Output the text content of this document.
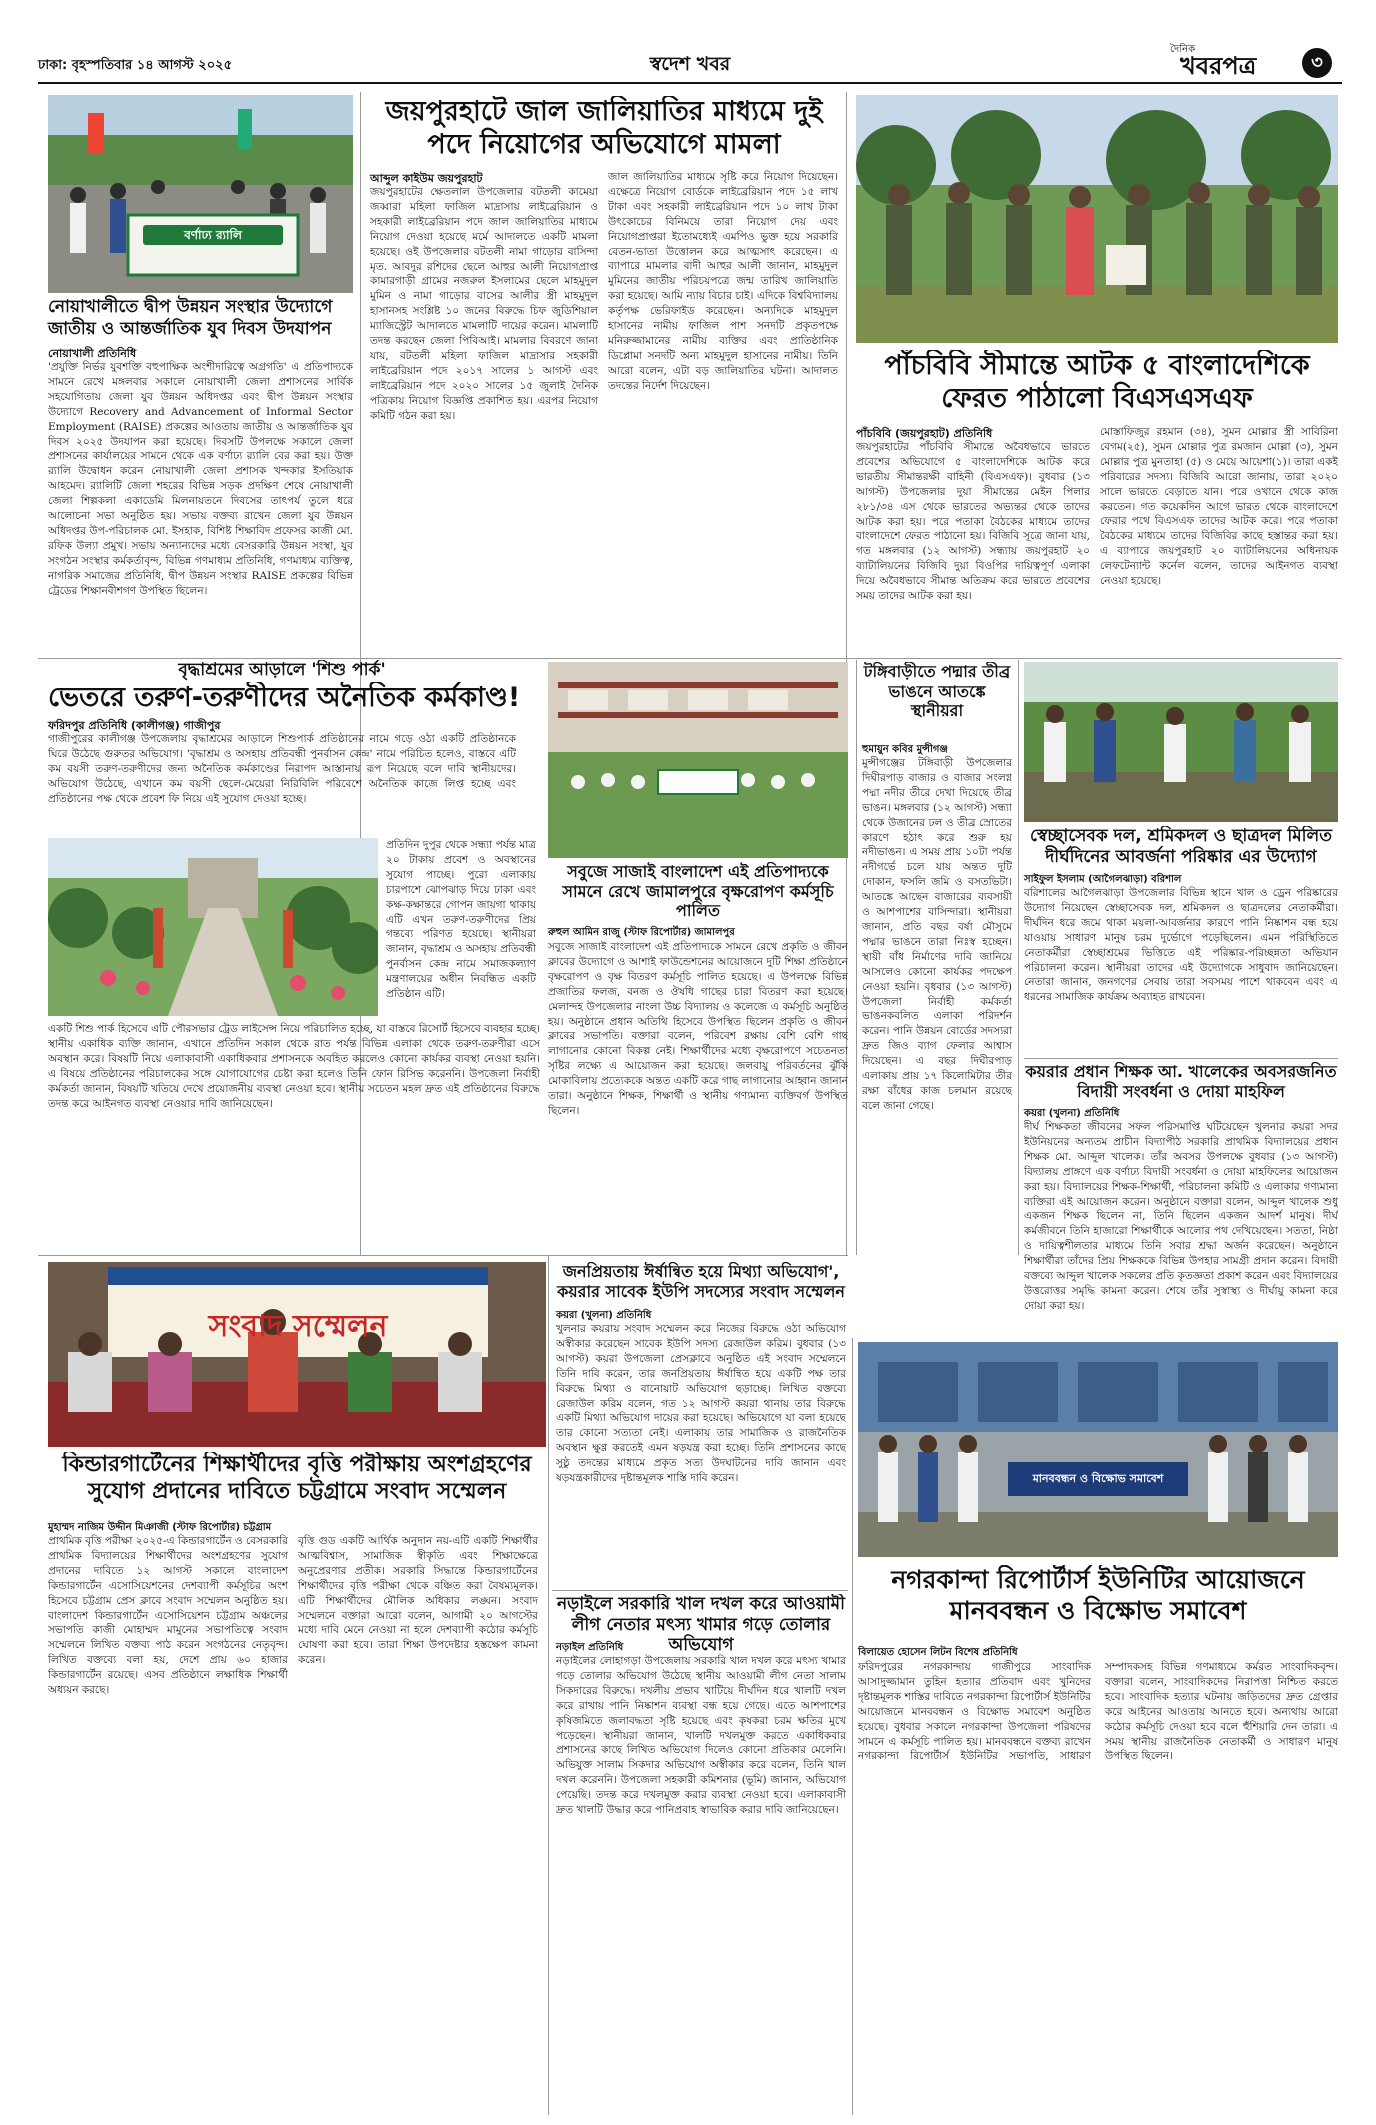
ঢাকা: বৃহস্পতিবার ১৪ আগস্ট ২০২৫	স্বদেশ খবর
দৈনিক
খবরপত্র	৩
বর্ণাঢ্য র‍্যালি
নোয়াখালীতে দ্বীপ উন্নয়ন সংস্থার উদ্যোগে জাতীয় ও আন্তর্জাতিক যুব দিবস উদযাপন
নোয়াখালী প্রতিনিধি
'প্রযুক্তি নির্ভর যুবশক্তি বহুপাক্ষিক অংশীদারিত্বে অগ্রগতি' এ প্রতিপাদ্যকে সামনে রেখে মঙ্গলবার সকালে নোয়াখালী জেলা প্রশাসনের সার্বিক সহযোগিতায় জেলা যুব উন্নয়ন অধিদপ্তর এবং দ্বীপ উন্নয়ন সংস্থার উদ্যোগে Recovery and Advancement of Informal Sector Employment (RAISE) প্রকল্পের আওতায় জাতীয় ও আন্তর্জাতিক যুব দিবস ২০২৫ উদযাপন করা হয়েছে। দিবসটি উপলক্ষে সকালে জেলা প্রশাসনের কার্যালয়ের সামনে থেকে এক বর্ণাঢ্য র‍্যালি বের করা হয়। উক্ত র‍্যালি উদ্বোধন করেন নোয়াখালী জেলা প্রশাসক খন্দকার ইসতিয়াক আহমেদ। র‍্যালিটি জেলা শহরের বিভিন্ন সড়ক প্রদক্ষিণ শেষে নোয়াখালী জেলা শিল্পকলা একাডেমি মিলনায়তনে দিবসের তাৎপর্য তুলে ধরে আলোচনা সভা অনুষ্ঠিত হয়। সভায় বক্তব্য রাখেন জেলা যুব উন্নয়ন অধিদপ্তর উপ-পরিচালক মো. ইসহাক, বিশিষ্ট শিক্ষাবিদ প্রফেসর কাজী মো. রফিক উল্যা প্রমুখ। সভায় অন্যান্যদের মধ্যে বেসরকারি উন্নয়ন সংস্থা, যুব সংগঠন সংস্থার কর্মকর্তাবৃন্দ, বিভিন্ন গণমাধ্যম প্রতিনিধি, গণমাধ্যম ব্যক্তিত্ব, নাগরিক সমাজের প্রতিনিধি, দ্বীপ উন্নয়ন সংস্থার RAISE প্রকল্পের বিভিন্ন ট্রেডের শিক্ষানবীশগণ উপস্থিত ছিলেন।
জয়পুরহাটে জাল জালিয়াতির মাধ্যমে দুই পদে নিয়োগের অভিযোগে মামলা
আব্দুল কাইউম জয়পুরহাট
জয়পুরহাটের ক্ষেতলাল উপজেলার বটতলী কামেয়া জব্বারা মহিলা ফাজিল মাদ্রাসায় লাইব্রেরিয়ান ও সহকারী লাইব্রেরিয়ান পদে জাল জালিয়াতির মাধ্যমে নিয়োগ দেওয়া হয়েছে মর্মে আদালতে একটি মামলা হয়েছে। ওই উপজেলার বটতলী নামা গাড়োর বাসিন্দা মৃত. আবদুর রশিদের ছেলে আহুর আলী নিয়োগপ্রাপ্ত কামারগাড়ী গ্রামের নজরুল ইসলামের ছেলে মাহমুদুল মুমিন ও নামা গাড়োর বাসের আলীর স্ত্রী মাহমুদুল হাসানসহ সংশ্লিষ্ট ১০ জনের বিরুদ্ধে চিফ জুডিশিয়াল ম্যাজিস্ট্রেট আদালতে মামলাটি দায়ের করেন। মামলাটি তদন্ত করছেন জেলা পিবিআই। মামলার বিবরণে জানা যায়, বটতলী মহিলা ফাজিল মাদ্রাসার সহকারী লাইব্রেরিয়ান পদে ২০১৭ সালের ১ আগস্ট এবং লাইব্রেরিয়ান পদে ২০২০ সালের ১৫ জুলাই দৈনিক পত্রিকায় নিয়োগ বিজ্ঞপ্তি প্রকাশিত হয়। এরপর নিয়োগ কমিটি গঠন করা হয়।
জাল জালিয়াতির মাধ্যমে সৃষ্টি করে নিয়োগ দিয়েছেন। এক্ষেত্রে নিয়োগ বোর্ডকে লাইব্রেরিয়ান পদে ১৫ লাখ টাকা এবং সহকারী লাইব্রেরিয়ান পদে ১০ লাখ টাকা উৎকোচের বিনিময়ে তারা নিয়োগ দেয় এবং নিয়োগপ্রাপ্তরা ইতোমধ্যেই এমপিও ভুক্ত হয়ে সরকারি বেতন-ভাতা উত্তোলন করে আত্মসাৎ করেছেন। এ ব্যাপারে মামলার বাদী আহুর আলী জানান, মাহমুদুল মুমিনের জাতীয় পরিচয়পত্রে জন্ম তারিখ জালিয়াতি করা হয়েছে। আমি ন্যায় বিচার চাই। এদিকে বিশ্ববিদ্যালয় কর্তৃপক্ষ ভেরিফাইড করেছেন। অন্যদিকে মাহমুদুল হাসানের নামীয় ফাজিল পাশ সনদটি প্রকৃতপক্ষে মনিরুজ্জামানের নামীয় ব্যক্তির এবং প্রাতিষ্ঠানিক ডিপ্লোমা সনদটি অন্য মাহমুদুল হাসানের নামীয়। তিনি আরো বলেন, এটা বড় জালিয়াতির ঘটনা। আদালত তদন্তের নির্দেশ দিয়েছেন।
পাঁচবিবি সীমান্তে আটক ৫ বাংলাদেশিকে ফেরত পাঠালো বিএসএসএফ
পাঁচবিবি (জয়পুরহাট) প্রতিনিধি
জয়পুরহাটের পাঁচবিবি সীমান্তে অবৈধভাবে ভারতে প্রবেশের অভিযোগে ৫ বাংলাদেশিকে আটক করে ভারতীয় সীমান্তরক্ষী বাহিনী (বিএসএফ)। বুধবার (১৩ আগস্ট) উপজেলার দুয়া সীমান্তের মেইন পিলার ২৮১/৩৪ এস থেকে ভারতের অভ্যন্তর থেকে তাদের আটক করা হয়। পরে পতাকা বৈঠকের মাধ্যমে তাদের বাংলাদেশে ফেরত পাঠানো হয়। বিজিবি সূত্রে জানা যায়, গত মঙ্গলবার (১২ আগস্ট) সন্ধ্যায় জয়পুরহাট ২০ ব্যাটালিয়নের বিজিবি দুয়া বিওপির দায়িত্বপূর্ণ এলাকা দিয়ে অবৈধভাবে সীমান্ত অতিক্রম করে ভারতে প্রবেশের সময় তাদের আটক করা হয়।
মোস্তাফিজুর রহমান (৩৪), সুমন মোল্লার স্ত্রী সাবিরিনা বেগম(২৫), সুমন মোল্লার পুত্র রমজান মোল্লা (৩), সুমন মোল্লার পুত্র মুনতাহা (৫) ও মেয়ে আয়েশা(১)। তারা একই পরিবারের সদস্য। বিজিবি আরো জানায়, তারা ২০২০ সালে ভারতে বেড়াতে যান। পরে ওখানে থেকে কাজ করতেন। গত কয়েকদিন আগে ভারত থেকে বাংলাদেশে ফেরার পথে বিএসএফ তাদের আটক করে। পরে পতাকা বৈঠকের মাধ্যমে তাদের বিজিবির কাছে হস্তান্তর করা হয়। এ ব্যাপারে জয়পুরহাট ২০ ব্যাটালিয়নের অধিনায়ক লেফটেন্যান্ট কর্নেল বলেন, তাদের আইনগত ব্যবস্থা নেওয়া হয়েছে।
বৃদ্ধাশ্রমের আড়ালে 'শিশু পার্ক'
ভেতরে তরুণ-তরুণীদের অনৈতিক কর্মকাণ্ড!
ফরিদপুর প্রতিনিধি (কালীগঞ্জ) গাজীপুর
গাজীপুরের কালীগঞ্জ উপজেলায় বৃদ্ধাশ্রমের আড়ালে শিশুপার্ক প্রতিষ্ঠানের নামে গড়ে ওঠা একটি প্রতিষ্ঠানকে ঘিরে উঠেছে গুরুতর অভিযোগ। 'বৃদ্ধাশ্রম ও অসহায় প্রতিবন্ধী পুনর্বাসন কেন্দ্র' নামে পরিচিত হলেও, বাস্তবে এটি কম বয়সী তরুণ-তরুণীদের জন্য অনৈতিক কর্মকাণ্ডের নিরাপদ আস্তানায় রূপ নিয়েছে বলে দাবি স্থানীয়দের। অভিযোগ উঠেছে, এখানে কম বয়সী ছেলে-মেয়েরা নিরিবিলি পরিবেশে অনৈতিক কাজে লিপ্ত হচ্ছে এবং প্রতিষ্ঠানের পক্ষ থেকে প্রবেশ ফি নিয়ে এই সুযোগ দেওয়া হচ্ছে।
প্রতিদিন দুপুর থেকে সন্ধ্যা পর্যন্ত মাত্র ২০ টাকায় প্রবেশ ও অবস্থানের সুযোগ পাচ্ছে। পুরো এলাকায় চারপাশে ঝোপঝাড় দিয়ে ঢাকা এবং কক্ষ-কক্ষান্তরে গোপন জায়গা থাকায় এটি এখন তরুণ-তরুণীদের প্রিয় গন্তব্যে পরিণত হয়েছে। স্থানীয়রা জানান, বৃদ্ধাশ্রম ও অসহায় প্রতিবন্ধী পুনর্বাসন কেন্দ্র নামে সমাজকল্যাণ মন্ত্রণালয়ের অধীন নিবন্ধিত একটি প্রতিষ্ঠান এটি।
একটি শিশু পার্ক হিসেবে এটি পৌরসভার ট্রেড লাইসেন্স নিয়ে পরিচালিত হচ্ছে, যা বাস্তবে রিসোর্ট হিসেবে ব্যবহার হচ্ছে। স্থানীয় একাধিক ব্যক্তি জানান, এখানে প্রতিদিন সকাল থেকে রাত পর্যন্ত বিভিন্ন এলাকা থেকে তরুণ-তরুণীরা এসে অবস্থান করে। বিষয়টি নিয়ে এলাকাবাসী একাধিকবার প্রশাসনকে অবহিত করলেও কোনো কার্যকর ব্যবস্থা নেওয়া হয়নি। এ বিষয়ে প্রতিষ্ঠানের পরিচালকের সঙ্গে যোগাযোগের চেষ্টা করা হলেও তিনি ফোন রিসিভ করেননি। উপজেলা নির্বাহী কর্মকর্তা জানান, বিষয়টি খতিয়ে দেখে প্রয়োজনীয় ব্যবস্থা নেওয়া হবে। স্থানীয় সচেতন মহল দ্রুত এই প্রতিষ্ঠানের বিরুদ্ধে তদন্ত করে আইনগত ব্যবস্থা নেওয়ার দাবি জানিয়েছেন।
সবুজে সাজাই বাংলাদেশ এই প্রতিপাদ্যকে সামনে রেখে জামালপুরে বৃক্ষরোপণ কর্মসূচি পালিত
রুহুল আমিন রাজু (স্টাফ রিপোর্টার) জামালপুর
সবুজে সাজাই বাংলাদেশ এই প্রতিপাদ্যকে সামনে রেখে প্রকৃতি ও জীবন ক্লাবের উদ্যোগে ও আশাই ফাউন্ডেশনের আয়োজনে দুটি শিক্ষা প্রতিষ্ঠানে বৃক্ষরোপণ ও বৃক্ষ বিতরণ কর্মসূচি পালিত হয়েছে। এ উপলক্ষে বিভিন্ন প্রজাতির ফলজ, বনজ ও ঔষধি গাছের চারা বিতরণ করা হয়েছে। মেলান্দহ উপজেলার নাংলা উচ্চ বিদ্যালয় ও কলেজে এ কর্মসূচি অনুষ্ঠিত হয়। অনুষ্ঠানে প্রধান অতিথি হিসেবে উপস্থিত ছিলেন প্রকৃতি ও জীবন ক্লাবের সভাপতি। বক্তারা বলেন, পরিবেশ রক্ষায় বেশি বেশি গাছ লাগানোর কোনো বিকল্প নেই। শিক্ষার্থীদের মধ্যে বৃক্ষরোপণে সচেতনতা সৃষ্টির লক্ষ্যে এ আয়োজন করা হয়েছে। জলবায়ু পরিবর্তনের ঝুঁকি মোকাবিলায় প্রত্যেককে অন্তত একটি করে গাছ লাগানোর আহ্বান জানান তারা। অনুষ্ঠানে শিক্ষক, শিক্ষার্থী ও স্থানীয় গণ্যমান্য ব্যক্তিবর্গ উপস্থিত ছিলেন।
টঙ্গিবাড়ীতে পদ্মার তীব্র ভাঙনে আতঙ্কে স্থানীয়রা
হুমায়ুন কবির মুন্সীগঞ্জ
মুন্সীগঞ্জের টঙ্গিবাড়ী উপজেলার দিঘীরপাড় বাজার ও বাজার সংলগ্ন পদ্মা নদীর তীরে দেখা দিয়েছে তীব্র ভাঙন। মঙ্গলবার (১২ আগস্ট) সন্ধ্যা থেকে উজানের ঢল ও তীব্র স্রোতের কারণে হঠাৎ করে শুরু হয় নদীভাঙন। এ সময় প্রায় ১০টা পর্যন্ত নদীগর্ভে চলে যায় অন্তত দুটি দোকান, ফসলি জমি ও বসতভিটা। আতঙ্কে আছেন বাজারের ব্যবসায়ী ও আশপাশের বাসিন্দারা। স্থানীয়রা জানান, প্রতি বছর বর্ষা মৌসুমে পদ্মার ভাঙনে তারা নিঃস্ব হচ্ছেন। স্থায়ী বাঁধ নির্মাণের দাবি জানিয়ে আসলেও কোনো কার্যকর পদক্ষেপ নেওয়া হয়নি। বৃধবার (১৩ আগস্ট) উপজেলা নির্বাহী কর্মকর্তা ভাঙনকবলিত এলাকা পরিদর্শন করেন। পানি উন্নয়ন বোর্ডের সদস্যরা দ্রুত জিও ব্যাগ ফেলার আশ্বাস দিয়েছেন। এ বছর দিঘীরপাড় এলাকায় প্রায় ১৭ কিলোমিটার তীর রক্ষা বাঁধের কাজ চলমান রয়েছে বলে জানা গেছে।
স্বেচ্ছাসেবক দল, শ্রমিকদল ও ছাত্রদল মিলিত দীর্ঘদিনের আবর্জনা পরিষ্কার এর উদ্যোগ
সাইফুল ইসলাম (আগৈলঝাড়া) বরিশাল
বরিশালের আগৈলঝাড়া উপজেলার বিভিন্ন স্থানে খাল ও ড্রেন পরিষ্কারের উদ্যোগ নিয়েছেন স্বেচ্ছাসেবক দল, শ্রমিকদল ও ছাত্রদলের নেতাকর্মীরা। দীর্ঘদিন ধরে জমে থাকা ময়লা-আবর্জনার কারণে পানি নিষ্কাশন বন্ধ হয়ে যাওয়ায় সাধারণ মানুষ চরম দুর্ভোগে পড়েছিলেন। এমন পরিস্থিতিতে নেতাকর্মীরা স্বেচ্ছাশ্রমের ভিত্তিতে এই পরিষ্কার-পরিচ্ছন্নতা অভিযান পরিচালনা করেন। স্থানীয়রা তাদের এই উদ্যোগকে সাধুবাদ জানিয়েছেন। নেতারা জানান, জনগণের সেবায় তারা সবসময় পাশে থাকবেন এবং এ ধরনের সামাজিক কার্যক্রম অব্যাহত রাখবেন।
কয়রার প্রধান শিক্ষক আ. খালেকের অবসরজনিত বিদায়ী সংবর্ধনা ও দোয়া মাহফিল
কয়রা (খুলনা) প্রতিনিধি
দীর্ঘ শিক্ষকতা জীবনের সফল পরিসমাপ্তি ঘটিয়েছেন খুলনার কয়রা সদর ইউনিয়নের অন্যতম প্রাচীন বিদ্যাপীঠ সরকারি প্রাথমিক বিদ্যালয়ের প্রধান শিক্ষক মো. আব্দুল খালেক। তাঁর অবসর উপলক্ষে বুধবার (১৩ আগস্ট) বিদ্যালয় প্রাঙ্গণে এক বর্ণাঢ্য বিদায়ী সংবর্ধনা ও দোয়া মাহফিলের আয়োজন করা হয়। বিদ্যালয়ের শিক্ষক-শিক্ষার্থী, পরিচালনা কমিটি ও এলাকার গণ্যমান্য ব্যক্তিরা এই আয়োজন করেন। অনুষ্ঠানে বক্তারা বলেন, আব্দুল খালেক শুধু একজন শিক্ষক ছিলেন না, তিনি ছিলেন একজন আদর্শ মানুষ। দীর্ঘ কর্মজীবনে তিনি হাজারো শিক্ষার্থীকে আলোর পথ দেখিয়েছেন। সততা, নিষ্ঠা ও দায়িত্বশীলতার মাধ্যমে তিনি সবার শ্রদ্ধা অর্জন করেছেন। অনুষ্ঠানে শিক্ষার্থীরা তাঁদের প্রিয় শিক্ষককে বিভিন্ন উপহার সামগ্রী প্রদান করেন। বিদায়ী বক্তব্যে আব্দুল খালেক সকলের প্রতি কৃতজ্ঞতা প্রকাশ করেন এবং বিদ্যালয়ের উত্তরোত্তর সমৃদ্ধি কামনা করেন। শেষে তাঁর সুস্বাস্থ্য ও দীর্ঘায়ু কামনা করে দোয়া করা হয়।
সংবাদ সম্মেলন
কিন্ডারগার্টেনের শিক্ষার্থীদের বৃত্তি পরীক্ষায় অংশগ্রহণের সুযোগ প্রদানের দাবিতে চট্টগ্রামে সংবাদ সম্মেলন
মুহাম্মদ নাজিম উদ্দীন মিঞাজী (স্টাফ রিপোর্টার) চট্টগ্রাম
প্রাথমিক বৃত্তি পরীক্ষা ২০২৫-এ কিন্ডারগার্টেন ও বেসরকারি প্রাথমিক বিদ্যালয়ের শিক্ষার্থীদের অংশগ্রহণের সুযোগ প্রদানের দাবিতে ১২ আগস্ট সকালে বাংলাদেশ কিন্ডারগার্টেন এসোসিয়েশনের দেশব্যাপী কর্মসূচির অংশ হিসেবে চট্টগ্রাম প্রেস ক্লাবে সংবাদ সম্মেলন অনুষ্ঠিত হয়। বাংলাদেশ কিন্ডারগার্টেন এসোসিয়েশন চট্টগ্রাম অঞ্চলের সভাপতি কাজী মোহাম্মদ মামুনের সভাপতিত্বে সংবাদ সম্মেলনে লিখিত বক্তব্য পাঠ করেন সংগঠনের নেতৃবৃন্দ। লিখিত বক্তব্যে বলা হয়, দেশে প্রায় ৬০ হাজার কিন্ডারগার্টেন রয়েছে। এসব প্রতিষ্ঠানে লক্ষাধিক শিক্ষার্থী অধ্যয়ন করছে।
বৃত্তি গুড একটি আর্থিক অনুদান নয়-এটি একটি শিক্ষার্থীর আত্মবিশ্বাস, সামাজিক স্বীকৃতি এবং শিক্ষাক্ষেত্রে অনুপ্রেরণার প্রতীক। সরকারি সিদ্ধান্তে কিন্ডারগার্টেনের শিক্ষার্থীদের বৃত্তি পরীক্ষা থেকে বঞ্চিত করা বৈষম্যমূলক। এটি শিক্ষার্থীদের মৌলিক অধিকার লঙ্ঘন। সংবাদ সম্মেলনে বক্তারা আরো বলেন, আগামী ২০ আগস্টের মধ্যে দাবি মেনে নেওয়া না হলে দেশব্যাপী কঠোর কর্মসূচি ঘোষণা করা হবে। তারা শিক্ষা উপদেষ্টার হস্তক্ষেপ কামনা করেন।
জনপ্রিয়তায় ঈর্ষান্বিত হয়ে মিথ্যা অভিযোগ', কয়রার সাবেক ইউপি সদস্যের সংবাদ সম্মেলন
কয়রা (খুলনা) প্রতিনিধি
খুলনার কয়রায় সংবাদ সম্মেলন করে নিজের বিরুদ্ধে ওঠা অভিযোগ অস্বীকার করেছেন সাবেক ইউপি সদস্য রেজাউল করিম। বুধবার (১৩ আগস্ট) কয়রা উপজেলা প্রেসক্লাবে অনুষ্ঠিত এই সংবাদ সম্মেলনে তিনি দাবি করেন, তার জনপ্রিয়তায় ঈর্ষান্বিত হয়ে একটি পক্ষ তার বিরুদ্ধে মিথ্যা ও বানোয়াট অভিযোগ ছড়াচ্ছে। লিখিত বক্তব্যে রেজাউল করিম বলেন, গত ১২ আগস্ট কয়রা থানায় তার বিরুদ্ধে একটি মিথ্যা অভিযোগ দায়ের করা হয়েছে। অভিযোগে যা বলা হয়েছে তার কোনো সত্যতা নেই। এলাকায় তার সামাজিক ও রাজনৈতিক অবস্থান ক্ষুণ্ণ করতেই এমন ষড়যন্ত্র করা হচ্ছে। তিনি প্রশাসনের কাছে সুষ্ঠু তদন্তের মাধ্যমে প্রকৃত সত্য উদঘাটনের দাবি জানান এবং ষড়যন্ত্রকারীদের দৃষ্টান্তমূলক শাস্তি দাবি করেন।
নড়াইলে সরকারি খাল দখল করে আওয়ামী লীগ নেতার মৎস্য খামার গড়ে তোলার অভিযোগ
নড়াইল প্রতিনিধি
নড়াইলের লোহাগড়া উপজেলায় সরকারি খাল দখল করে মৎস্য খামার গড়ে তোলার অভিযোগ উঠেছে স্থানীয় আওয়ামী লীগ নেতা সালাম সিকদারের বিরুদ্ধে। দখলীয় প্রভাব খাটিয়ে দীর্ঘদিন ধরে খালটি দখল করে রাখায় পানি নিষ্কাশন ব্যবস্থা বন্ধ হয়ে গেছে। এতে আশপাশের কৃষিজমিতে জলাবদ্ধতা সৃষ্টি হয়েছে এবং কৃষকরা চরম ক্ষতির মুখে পড়েছেন। স্থানীয়রা জানান, খালটি দখলমুক্ত করতে একাধিকবার প্রশাসনের কাছে লিখিত অভিযোগ দিলেও কোনো প্রতিকার মেলেনি। অভিযুক্ত সালাম সিকদার অভিযোগ অস্বীকার করে বলেন, তিনি খাল দখল করেননি। উপজেলা সহকারী কমিশনার (ভূমি) জানান, অভিযোগ পেয়েছি। তদন্ত করে দখলমুক্ত করার ব্যবস্থা নেওয়া হবে। এলাকাবাসী দ্রুত খালটি উদ্ধার করে পানিপ্রবাহ স্বাভাবিক করার দাবি জানিয়েছেন।
মানববন্ধন ও বিক্ষোভ সমাবেশ
নগরকান্দা রিপোর্টার্স ইউনিটির আয়োজনে মানববন্ধন ও বিক্ষোভ সমাবেশ
বিলায়েত হোসেন লিটন বিশেষ প্রতিনিধি
ফরিদপুরের নগরকান্দায় গাজীপুরে সাংবাদিক আসাদুজ্জামান তুহিন হত্যার প্রতিবাদ এবং খুনিদের দৃষ্টান্তমূলক শাস্তির দাবিতে নগরকান্দা রিপোর্টার্স ইউনিটির আয়োজনে মানববন্ধন ও বিক্ষোভ সমাবেশ অনুষ্ঠিত হয়েছে। বুধবার সকালে নগরকান্দা উপজেলা পরিষদের সামনে এ কর্মসূচি পালিত হয়। মানববন্ধনে বক্তব্য রাখেন নগরকান্দা রিপোর্টার্স ইউনিটির সভাপতি, সাধারণ সম্পাদকসহ বিভিন্ন গণমাধ্যমে কর্মরত সাংবাদিকবৃন্দ। বক্তারা বলেন, সাংবাদিকদের নিরাপত্তা নিশ্চিত করতে হবে। সাংবাদিক হত্যার ঘটনায় জড়িতদের দ্রুত গ্রেপ্তার করে আইনের আওতায় আনতে হবে। অন্যথায় আরো কঠোর কর্মসূচি দেওয়া হবে বলে হুঁশিয়ারি দেন তারা। এ সময় স্থানীয় রাজনৈতিক নেতাকর্মী ও সাধারণ মানুষ উপস্থিত ছিলেন।
